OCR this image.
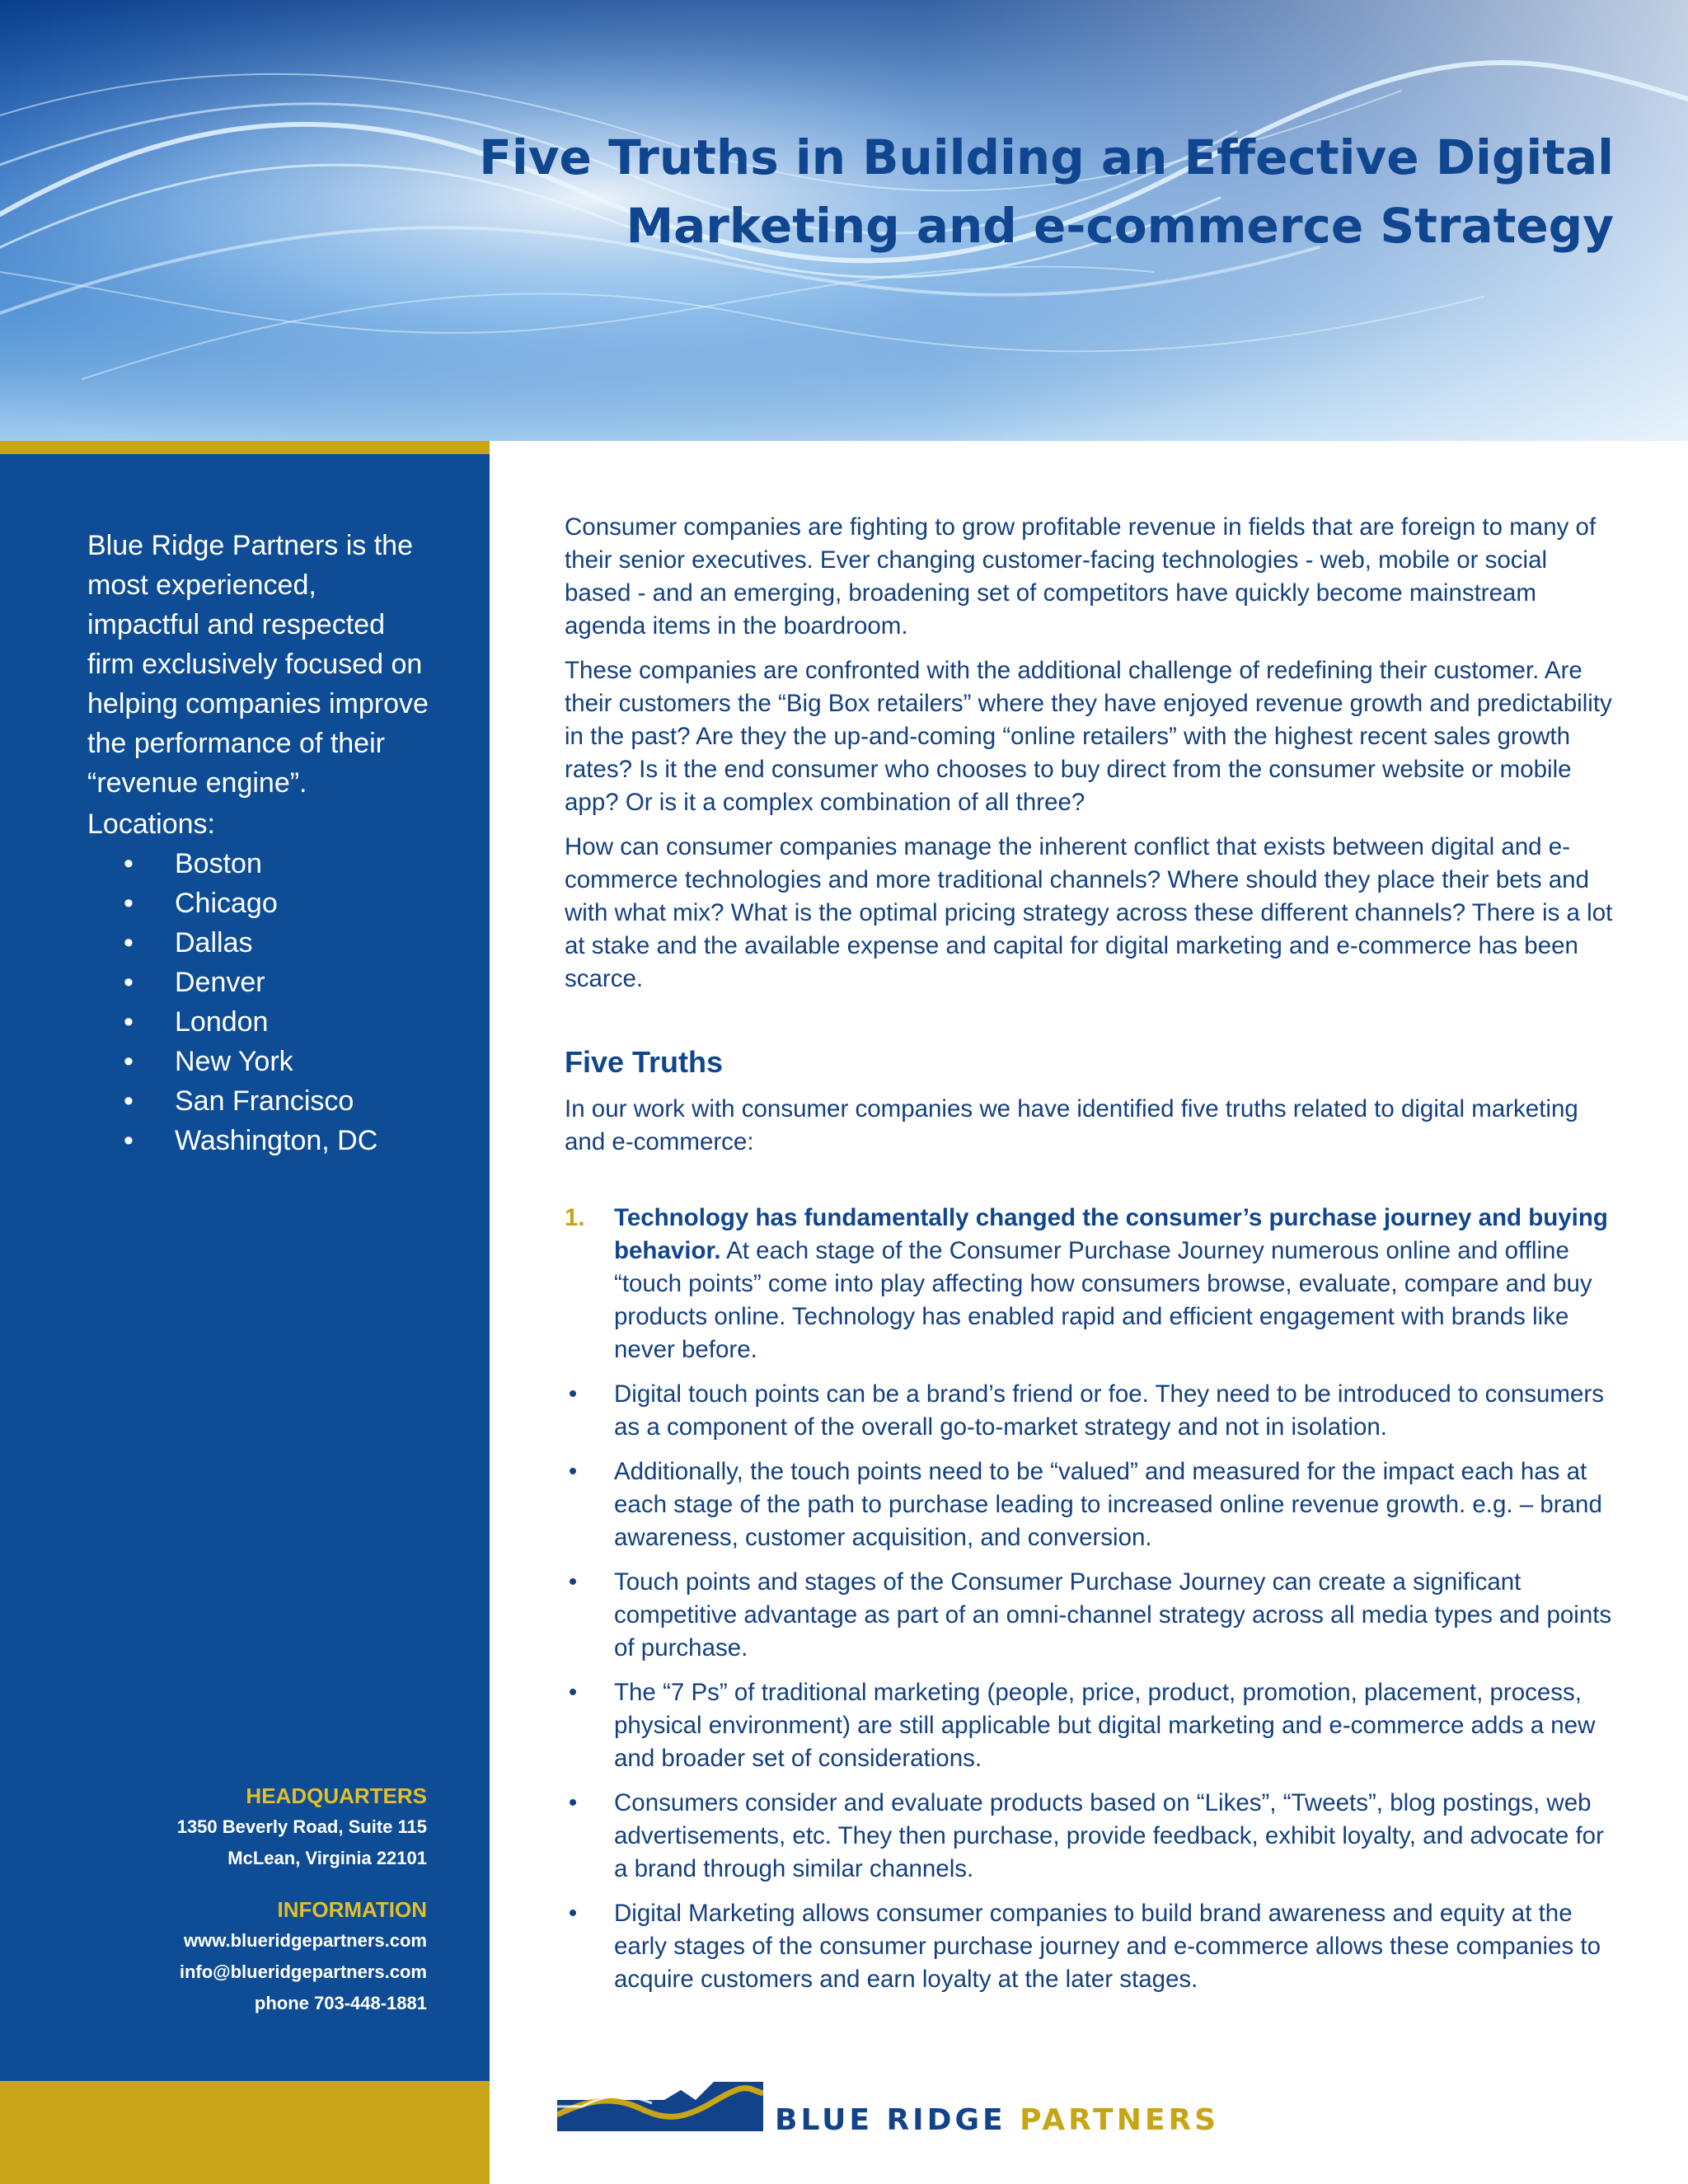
Five Truths in Building an Effective Digital
Marketing and e-commerce Strategy
Blue Ridge Partners is the most experienced, impactful and respected firm exclusively focused on helping companies improve the performance of their “revenue engine”.
Locations:
• Boston
• Chicago
• Dallas
• Denver
• London
• New York
• San Francisco
• Washington, DC
HEADQUARTERS
1350 Beverly Road, Suite 115
McLean, Virginia 22101
INFORMATION
www.blueridgepartners.com
info@blueridgepartners.com
phone 703-448-1881

Consumer companies are fighting to grow profitable revenue in fields that are foreign to many of their senior executives. Ever changing customer-facing technologies - web, mobile or social based - and an emerging, broadening set of competitors have quickly become mainstream agenda items in the boardroom.

These companies are confronted with the additional challenge of redefining their customer. Are their customers the “Big Box retailers” where they have enjoyed revenue growth and predictability in the past? Are they the up-and-coming “online retailers” with the highest recent sales growth rates? Is it the end consumer who chooses to buy direct from the consumer website or mobile app? Or is it a complex combination of all three?

How can consumer companies manage the inherent conflict that exists between digital and e-commerce technologies and more traditional channels? Where should they place their bets and with what mix? What is the optimal pricing strategy across these different channels? There is a lot at stake and the available expense and capital for digital marketing and e-commerce has been scarce.

Five Truths

In our work with consumer companies we have identified five truths related to digital marketing and e-commerce:

1. Technology has fundamentally changed the consumer’s purchase journey and buying behavior. At each stage of the Consumer Purchase Journey numerous online and offline “touch points” come into play affecting how consumers browse, evaluate, compare and buy products online. Technology has enabled rapid and efficient engagement with brands like never before.
• Digital touch points can be a brand’s friend or foe. They need to be introduced to consumers as a component of the overall go-to-market strategy and not in isolation.
• Additionally, the touch points need to be “valued” and measured for the impact each has at each stage of the path to purchase leading to increased online revenue growth. e.g. – brand awareness, customer acquisition, and conversion.
• Touch points and stages of the Consumer Purchase Journey can create a significant competitive advantage as part of an omni-channel strategy across all media types and points of purchase.
• The “7 Ps” of traditional marketing (people, price, product, promotion, placement, process, physical environment) are still applicable but digital marketing and e-commerce adds a new and broader set of considerations.
• Consumers consider and evaluate products based on “Likes”, “Tweets”, blog postings, web advertisements, etc. They then purchase, provide feedback, exhibit loyalty, and advocate for a brand through similar channels.
• Digital Marketing allows consumer companies to build brand awareness and equity at the early stages of the consumer purchase journey and e-commerce allows these companies to acquire customers and earn loyalty at the later stages.
BLUE RIDGE PARTNERS
